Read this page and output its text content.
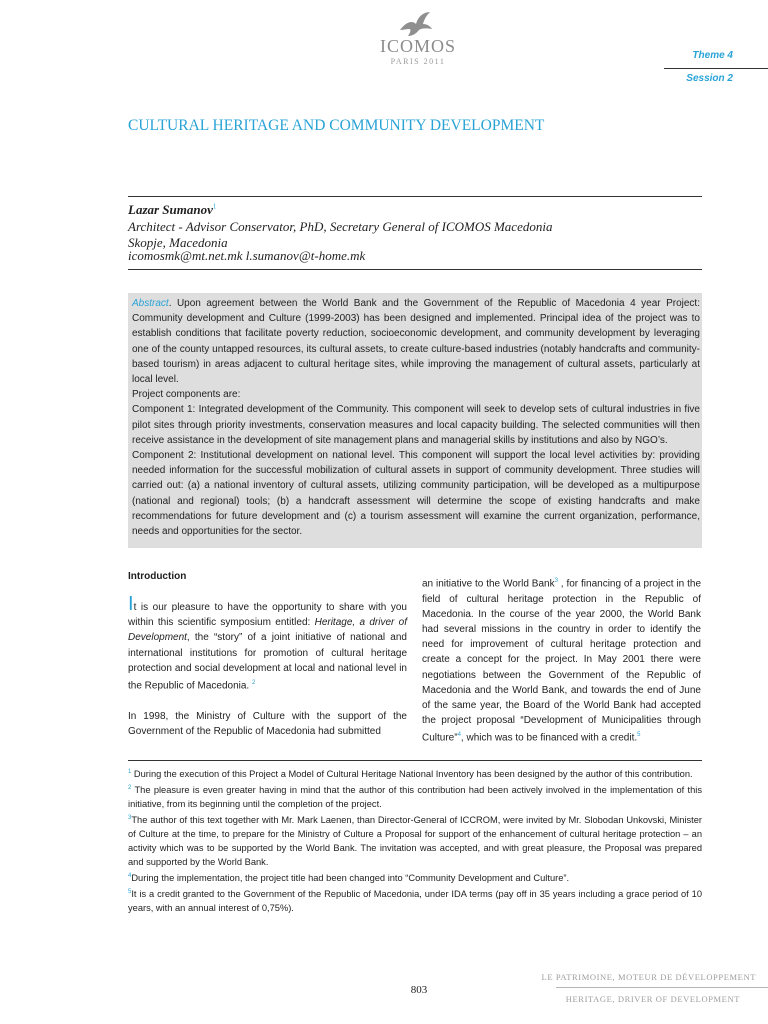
ICOMOS
PARIS 2011
Theme 4
Session 2
CULTURAL HERITAGE AND COMMUNITY DEVELOPMENT
Lazar Sumanov$^1$
Architect - Advisor Conservator, PhD, Secretary General of ICOMOS Macedonia
Skopje, Macedonia
icomosmk@mt.net.mk l.sumanov@t-home.mk

Abstract. Upon agreement between the World Bank and the Government of the Republic of Macedonia 4 year Project: Community development and Culture (1999-2003) has been designed and implemented. Principal idea of the project was to establish conditions that facilitate poverty reduction, socioeconomic development, and community development by leveraging one of the county untapped resources, its cultural assets, to create culture-based industries (notably handcrafts and community-based tourism) in areas adjacent to cultural heritage sites, while improving the management of cultural assets, particularly at local level.

Project components are:

Component 1: Integrated development of the Community. This component will seek to develop sets of cultural industries in five pilot sites through priority investments, conservation measures and local capacity building. The selected communities will then receive assistance in the development of site management plans and managerial skills by institutions and also by NGO’s.

Component 2: Institutional development on national level. This component will support the local level activities by: providing needed information for the successful mobilization of cultural assets in support of community development. Three studies will carried out: (a) a national inventory of cultural assets, utilizing community participation, will be developed as a multipurpose (national and regional) tools; (b) a handcraft assessment will determine the scope of existing handcrafts and make recommendations for future development and (c) a tourism assessment will examine the current organization, performance, needs and opportunities for the sector.

Introduction

It is our pleasure to have the opportunity to share with you within this scientific symposium entitled: Heritage, a driver of Development, the “story” of a joint initiative of national and international institutions for promotion of cultural heritage protection and social development at local and national level in the Republic of Macedonia. $^2$

In 1998, the Ministry of Culture with the support of the Government of the Republic of Macedonia had submitted

an initiative to the World Bank$^3$ , for financing of a project in the field of cultural heritage protection in the Republic of Macedonia. In the course of the year 2000, the World Bank had several missions in the country in order to identify the need for improvement of cultural heritage protection and create a concept for the project. In May 2001 there were negotiations between the Government of the Republic of Macedonia and the World Bank, and towards the end of June of the same year, the Board of the World Bank had accepted the project proposal “Development of Municipalities through Culture”$^4$, which was to be financed with a credit.$^5$

$^1$ During the execution of this Project a Model of Cultural Heritage National Inventory has been designed by the author of this contribution.

$^2$ The pleasure is even greater having in mind that the author of this contribution had been actively involved in the implementation of this initiative, from its beginning until the completion of the project.

$^3$The author of this text together with Mr. Mark Laenen, than Director-General of ICCROM, were invited by Mr. Slobodan Unkovski, Minister of Culture at the time, to prepare for the Ministry of Culture a Proposal for support of the enhancement of cultural heritage protection – an activity which was to be supported by the World Bank. The invitation was accepted, and with great pleasure, the Proposal was prepared and supported by the World Bank.

$^4$During the implementation, the project title had been changed into “Community Development and Culture”.

$^5$It is a credit granted to the Government of the Republic of Macedonia, under IDA terms (pay off in 35 years including a grace period of 10 years, with an annual interest of 0,75%).

803
LE PATRIMOINE, MOTEUR DE DÉVELOPPEMENT
HERITAGE, DRIVER OF DEVELOPMENT
